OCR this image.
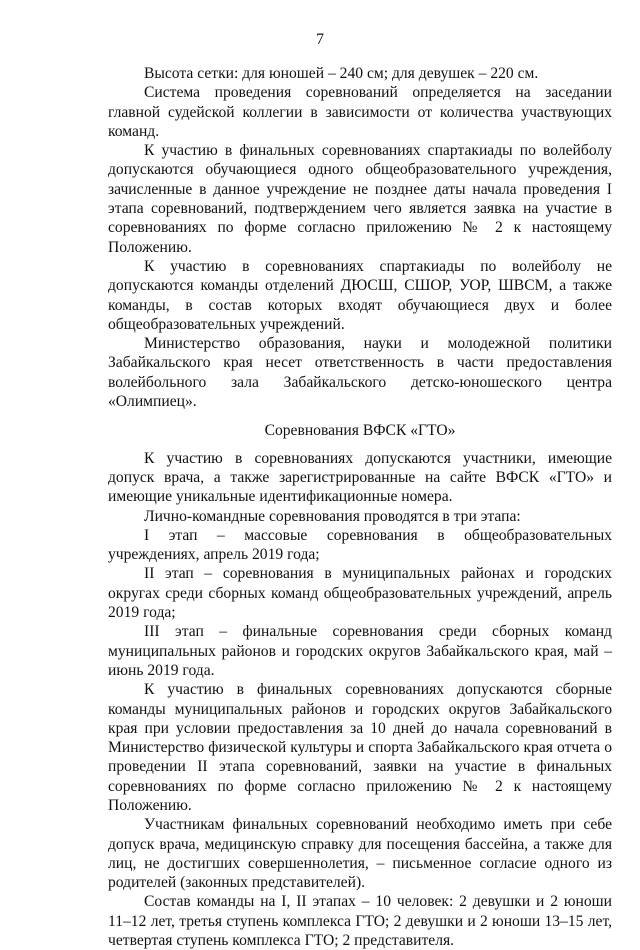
7

Высота сетки: для юношей – 240 см; для девушек – 220 см.

Система проведения соревнований определяется на заседании главной судейской коллегии в зависимости от количества участвующих команд.

К участию в финальных соревнованиях спартакиады по волейболу допускаются обучающиеся одного общеобразовательного учреждения, зачисленные в данное учреждение не позднее даты начала проведения I этапа соревнований, подтверждением чего является заявка на участие в соревнованиях по форме согласно приложению № 2 к настоящему Положению.

К участию в соревнованиях спартакиады по волейболу не допускаются команды отделений ДЮСШ, СШОР, УОР, ШВСМ, а также команды, в состав которых входят обучающиеся двух и более общеобразовательных учреждений.

Министерство образования, науки и молодежной политики Забайкальского края несет ответственность в части предоставления волейбольного зала Забайкальского детско-юношеского центра «Олимпиец».

Соревнования ВФСК «ГТО»

К участию в соревнованиях допускаются участники, имеющие допуск врача, а также зарегистрированные на сайте ВФСК «ГТО» и имеющие уникальные идентификационные номера.

Лично-командные соревнования проводятся в три этапа:

I этап – массовые соревнования в общеобразовательных учреждениях, апрель 2019 года;

II этап – соревнования в муниципальных районах и городских округах среди сборных команд общеобразовательных учреждений, апрель 2019 года;

III этап – финальные соревнования среди сборных команд муниципальных районов и городских округов Забайкальского края, май – июнь 2019 года.

К участию в финальных соревнованиях допускаются сборные команды муниципальных районов и городских округов Забайкальского края при условии предоставления за 10 дней до начала соревнований в Министерство физической культуры и спорта Забайкальского края отчета о проведении II этапа соревнований, заявки на участие в финальных соревнованиях по форме согласно приложению № 2 к настоящему Положению.

Участникам финальных соревнований необходимо иметь при себе допуск врача, медицинскую справку для посещения бассейна, а также для лиц, не достигших совершеннолетия, – письменное согласие одного из родителей (законных представителей).

Состав команды на I, II этапах – 10 человек: 2 девушки и 2 юноши 11–12 лет, третья ступень комплекса ГТО; 2 девушки и 2 юноши 13–15 лет, четвертая ступень комплекса ГТО; 2 представителя.
